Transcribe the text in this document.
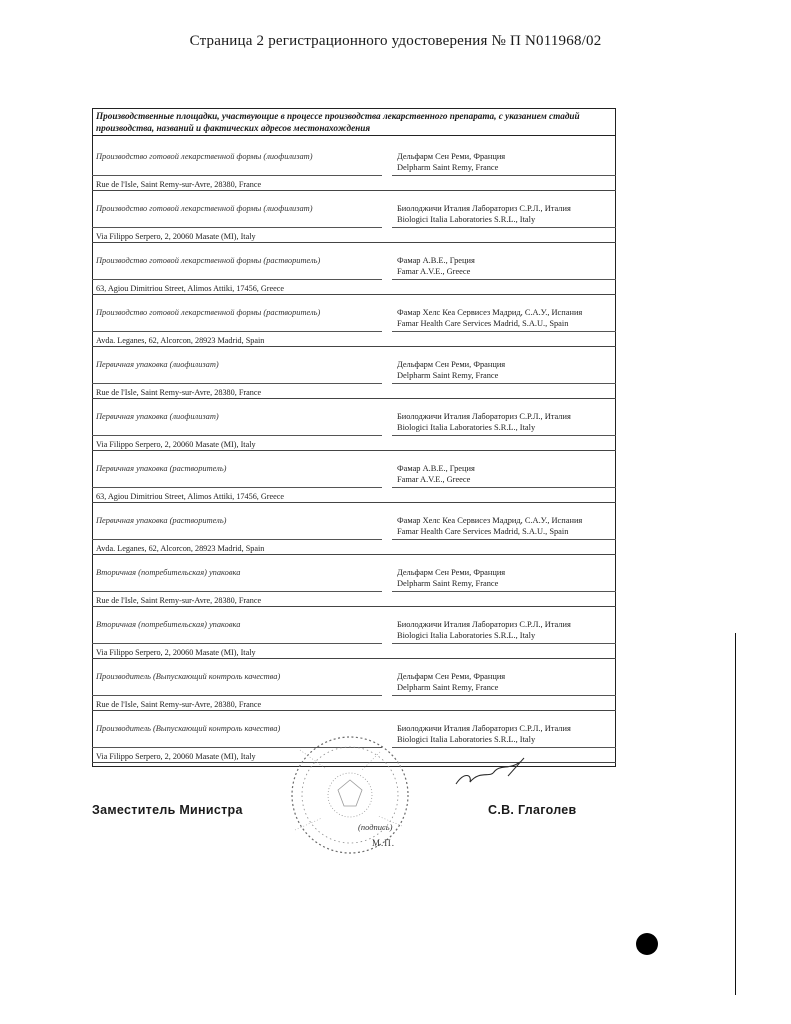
Страница 2 регистрационного удостоверения № П N011968/02
Производственные площадки, участвующие в процессе производства лекарственного препарата, с указанием стадий производства, названий и фактических адресов местонахождения
Производство готовой лекарственной формы (лиофилизат)	Дельфарм Сен Реми, Франция
Delpharm Saint Remy, France
Rue de l'Isle, Saint Remy-sur-Avre, 28380, France
Производство готовой лекарственной формы (лиофилизат)	Биолоджичи Италия Лабораториз С.Р.Л., Италия
Biologici Italia Laboratories S.R.L., Italy
Via Filippo Serpero, 2, 20060 Masate (MI), Italy
Производство готовой лекарственной формы (растворитель)	Фамар А.В.Е., Греция
Famar A.V.E., Greece
63, Agiou Dimitriou Street, Alimos Attiki, 17456, Greece
Производство готовой лекарственной формы (растворитель)	Фамар Хелс Кеа Сервисез Мадрид, С.А.У., Испания
Famar Health Care Services Madrid, S.A.U., Spain
Avda. Leganes, 62, Alcorcon, 28923 Madrid, Spain
Первичная упаковка (лиофилизат)	Дельфарм Сен Реми, Франция
Delpharm Saint Remy, France
Rue de l'Isle, Saint Remy-sur-Avre, 28380, France
Первичная упаковка (лиофилизат)	Биолоджичи Италия Лабораториз С.Р.Л., Италия
Biologici Italia Laboratories S.R.L., Italy
Via Filippo Serpero, 2, 20060 Masate (MI), Italy
Первичная упаковка (растворитель)	Фамар А.В.Е., Греция
Famar A.V.E., Greece
63, Agiou Dimitriou Street, Alimos Attiki, 17456, Greece
Первичная упаковка (растворитель)	Фамар Хелс Кеа Сервисез Мадрид, С.А.У., Испания
Famar Health Care Services Madrid, S.A.U., Spain
Avda. Leganes, 62, Alcorcon, 28923 Madrid, Spain
Вторичная (потребительская) упаковка	Дельфарм Сен Реми, Франция
Delpharm Saint Remy, France
Rue de l'Isle, Saint Remy-sur-Avre, 28380, France
Вторичная (потребительская) упаковка	Биолоджичи Италия Лабораториз С.Р.Л., Италия
Biologici Italia Laboratories S.R.L., Italy
Via Filippo Serpero, 2, 20060 Masate (MI), Italy
Производитель (Выпускающий контроль качества)	Дельфарм Сен Реми, Франция
Delpharm Saint Remy, France
Rue de l'Isle, Saint Remy-sur-Avre, 28380, France
Производитель (Выпускающий контроль качества)	Биолоджичи Италия Лабораториз С.Р.Л., Италия
Biologici Italia Laboratories S.R.L., Italy
Via Filippo Serpero, 2, 20060 Masate (MI), Italy
Заместитель Министра	С.В. Глаголев
(подпись)
М.П.
